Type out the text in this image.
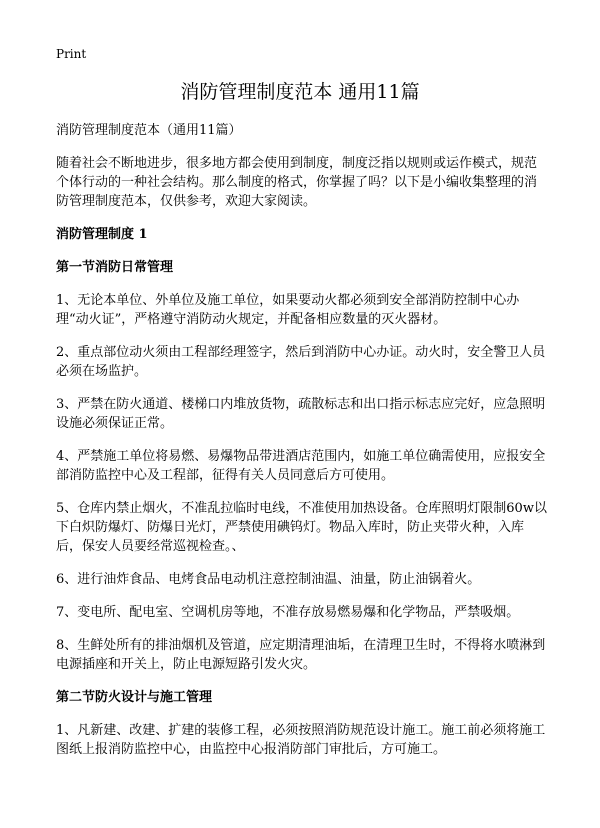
Print
消防管理制度范本 通用11篇

消防管理制度范本（通用11篇）

随着社会不断地进步，很多地方都会使用到制度，制度泛指以规则或运作模式，规范个体行动的一种社会结构。那么制度的格式，你掌握了吗？以下是小编收集整理的消防管理制度范本，仅供参考，欢迎大家阅读。

消防管理制度 1

第一节消防日常管理

1、无论本单位、外单位及施工单位，如果要动火都必须到安全部消防控制中心办理“动火证”，严格遵守消防动火规定，并配备相应数量的灭火器材。

2、重点部位动火须由工程部经理签字，然后到消防中心办证。动火时，安全警卫人员必须在场监护。

3、严禁在防火通道、楼梯口内堆放货物，疏散标志和出口指示标志应完好，应急照明设施必须保证正常。

4、严禁施工单位将易燃、易爆物品带进酒店范围内，如施工单位确需使用，应报安全部消防监控中心及工程部，征得有关人员同意后方可使用。

5、仓库内禁止烟火，不准乱拉临时电线，不准使用加热设备。仓库照明灯限制60w以下白炽防爆灯、防爆日光灯，严禁使用碘钨灯。物品入库时，防止夹带火种，入库后，保安人员要经常巡视检查。、

6、进行油炸食品、电烤食品电动机注意控制油温、油量，防止油锅着火。

7、变电所、配电室、空调机房等地，不准存放易燃易爆和化学物品，严禁吸烟。

8、生鲜处所有的排油烟机及管道，应定期清理油垢，在清理卫生时，不得将水喷淋到电源插座和开关上，防止电源短路引发火灾。

第二节防火设计与施工管理

1、凡新建、改建、扩建的装修工程，必须按照消防规范设计施工。施工前必须将施工图纸上报消防监控中心，由监控中心报消防部门审批后，方可施工。
